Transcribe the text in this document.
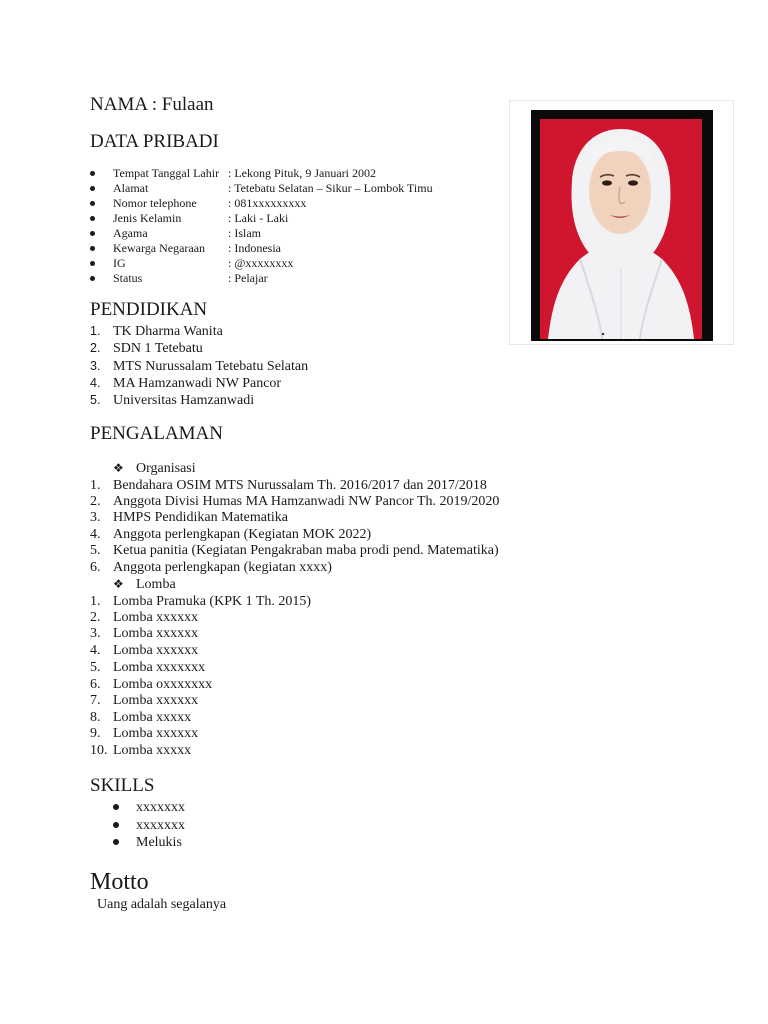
NAMA : Fulaan
DATA PRIBADI
Tempat Tanggal Lahir : Lekong Pituk, 9 Januari 2002
Alamat	: Tetebatu Selatan – Sikur – Lombok Timu
Nomor telephone	: 081xxxxxxxxx
Jenis Kelamin	: Laki - Laki
Agama	: Islam
Kewarga Negaraan : Indonesia
IG	: @xxxxxxxx
Status	: Pelajar
PENDIDIKAN
1. TK Dharma Wanita
2. SDN 1 Tetebatu
3. MTS Nurussalam Tetebatu Selatan
4. MA Hamzanwadi NW Pancor
5. Universitas Hamzanwadi
PENGALAMAN
❖ Organisasi
1. Bendahara OSIM MTS Nurussalam Th. 2016/2017 dan 2017/2018
2. Anggota Divisi Humas MA Hamzanwadi NW Pancor Th. 2019/2020
3. HMPS Pendidikan Matematika
4. Anggota perlengkapan (Kegiatan MOK 2022)
5. Ketua panitia (Kegiatan Pengakraban maba prodi pend. Matematika)
6. Anggota perlengkapan (kegiatan xxxx)
❖ Lomba
1. Lomba Pramuka (KPK 1 Th. 2015)
2. Lomba xxxxxx
3. Lomba xxxxxx
4. Lomba xxxxxx
5. Lomba xxxxxxx
6. Lomba oxxxxxxx
7. Lomba xxxxxx
8. Lomba xxxxx
9. Lomba xxxxxx
10. Lomba xxxxx
SKILLS
xxxxxxx
xxxxxxx
Melukis
Motto
Uang adalah segalanya
